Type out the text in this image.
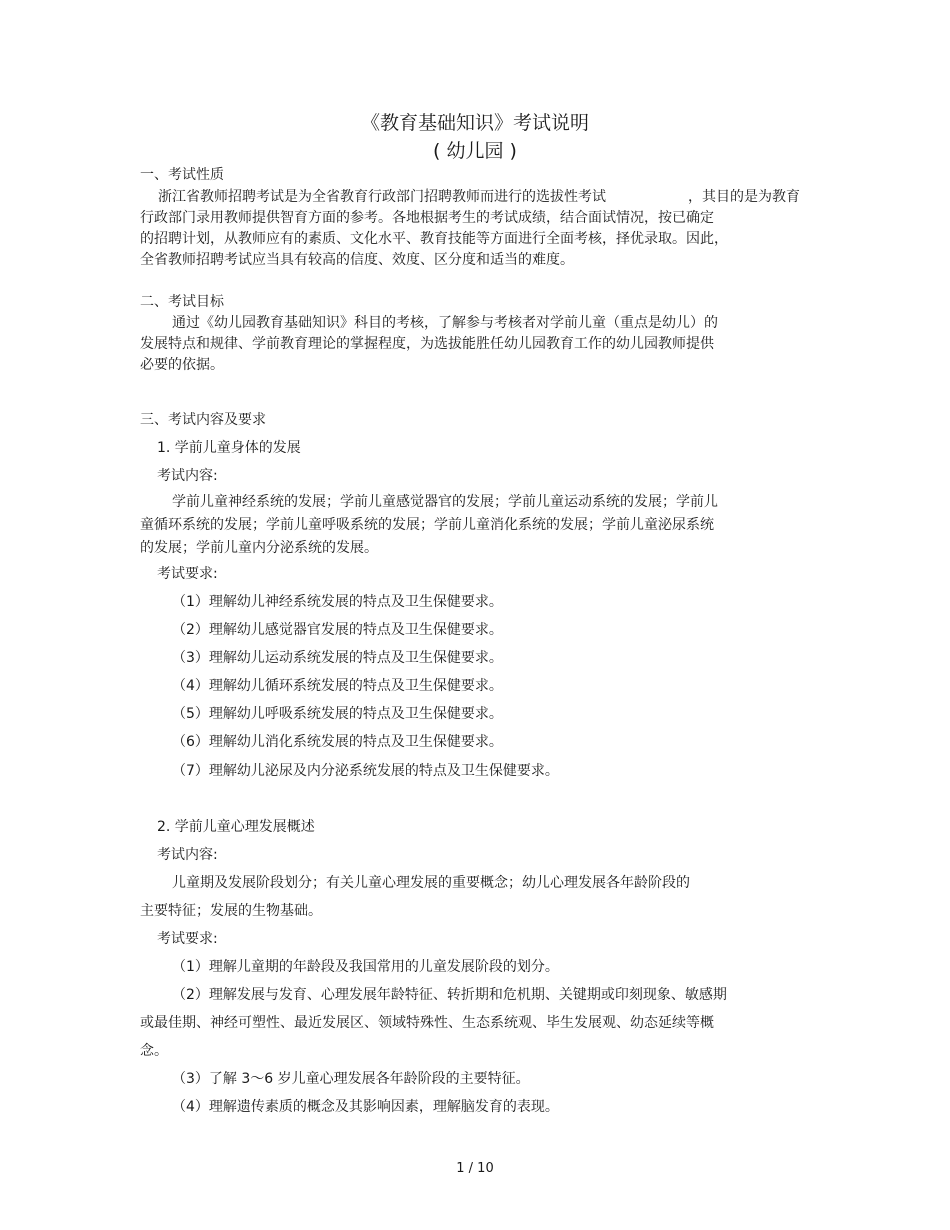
《教育基础知识》考试说明
( 幼儿园 )
一、考试性质
浙江省教师招聘考试是为全省教育行政部门招聘教师而进行的选拔性考试	，其目的是为教育
行政部门录用教师提供智育方面的参考。各地根据考生的考试成绩，结合面试情况，按已确定
的招聘计划，从教师应有的素质、文化水平、教育技能等方面进行全面考核，择优录取。因此，
全省教师招聘考试应当具有较高的信度、效度、区分度和适当的难度。
二、考试目标
通过《幼儿园教育基础知识》科目的考核，了解参与考核者对学前儿童（重点是幼儿）的
发展特点和规律、学前教育理论的掌握程度，为选拔能胜任幼儿园教育工作的幼儿园教师提供
必要的依据。
三、考试内容及要求
1. 学前儿童身体的发展
考试内容:
学前儿童神经系统的发展；学前儿童感觉器官的发展；学前儿童运动系统的发展；学前儿
童循环系统的发展；学前儿童呼吸系统的发展；学前儿童消化系统的发展；学前儿童泌尿系统
的发展；学前儿童内分泌系统的发展。
考试要求:
（1）理解幼儿神经系统发展的特点及卫生保健要求。
（2）理解幼儿感觉器官发展的特点及卫生保健要求。
（3）理解幼儿运动系统发展的特点及卫生保健要求。
（4）理解幼儿循环系统发展的特点及卫生保健要求。
（5）理解幼儿呼吸系统发展的特点及卫生保健要求。
（6）理解幼儿消化系统发展的特点及卫生保健要求。
（7）理解幼儿泌尿及内分泌系统发展的特点及卫生保健要求。
2. 学前儿童心理发展概述
考试内容:
儿童期及发展阶段划分；有关儿童心理发展的重要概念；幼儿心理发展各年龄阶段的
主要特征；发展的生物基础。
考试要求:
（1）理解儿童期的年龄段及我国常用的儿童发展阶段的划分。
（2）理解发展与发育、心理发展年龄特征、转折期和危机期、关键期或印刻现象、敏感期
或最佳期、神经可塑性、最近发展区、领域特殊性、生态系统观、毕生发展观、幼态延续等概
念。
（3）了解 3～6 岁儿童心理发展各年龄阶段的主要特征。
（4）理解遗传素质的概念及其影响因素，理解脑发育的表现。
1 / 10
